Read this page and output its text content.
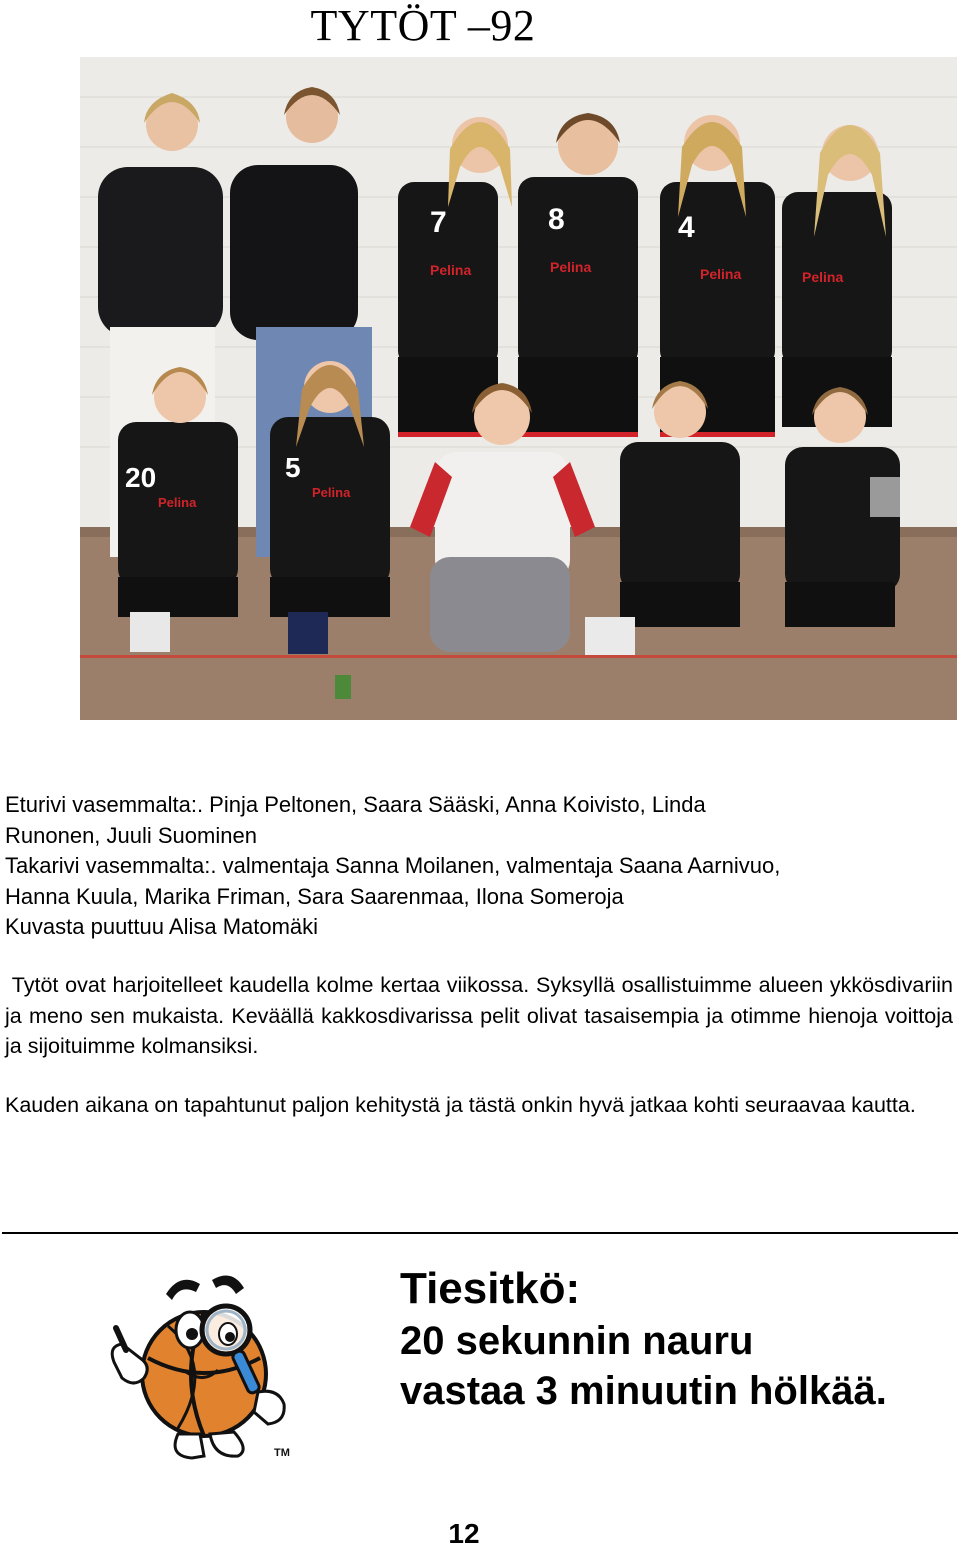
TYTÖT –92
7
Pelina
8
Pelina
4
Pelina	Pelina
20
Pelina
5
Pelina
Eturivi vasemmalta:. Pinja Peltonen, Saara Sääski, Anna Koivisto, Linda
Runonen, Juuli Suominen
Takarivi vasemmalta:. valmentaja Sanna Moilanen, valmentaja Saana Aarnivuo,
Hanna Kuula, Marika Friman, Sara Saarenmaa, Ilona Someroja
Kuvasta puuttuu Alisa Matomäki
Tytöt ovat harjoitelleet kaudella kolme kertaa viikossa. Syksyllä osallistuimme alueen ykkösdivariin ja meno sen mukaista. Keväällä kakkosdivarissa pelit olivat tasaisempia ja otimme hienoja voittoja ja sijoituimme kolmansiksi.
Kauden aikana on tapahtunut paljon kehitystä ja tästä onkin hyvä jatkaa kohti seuraavaa kautta.
TM
Tiesitkö:
20 sekunnin nauru
vastaa 3 minuutin hölkää.
12
